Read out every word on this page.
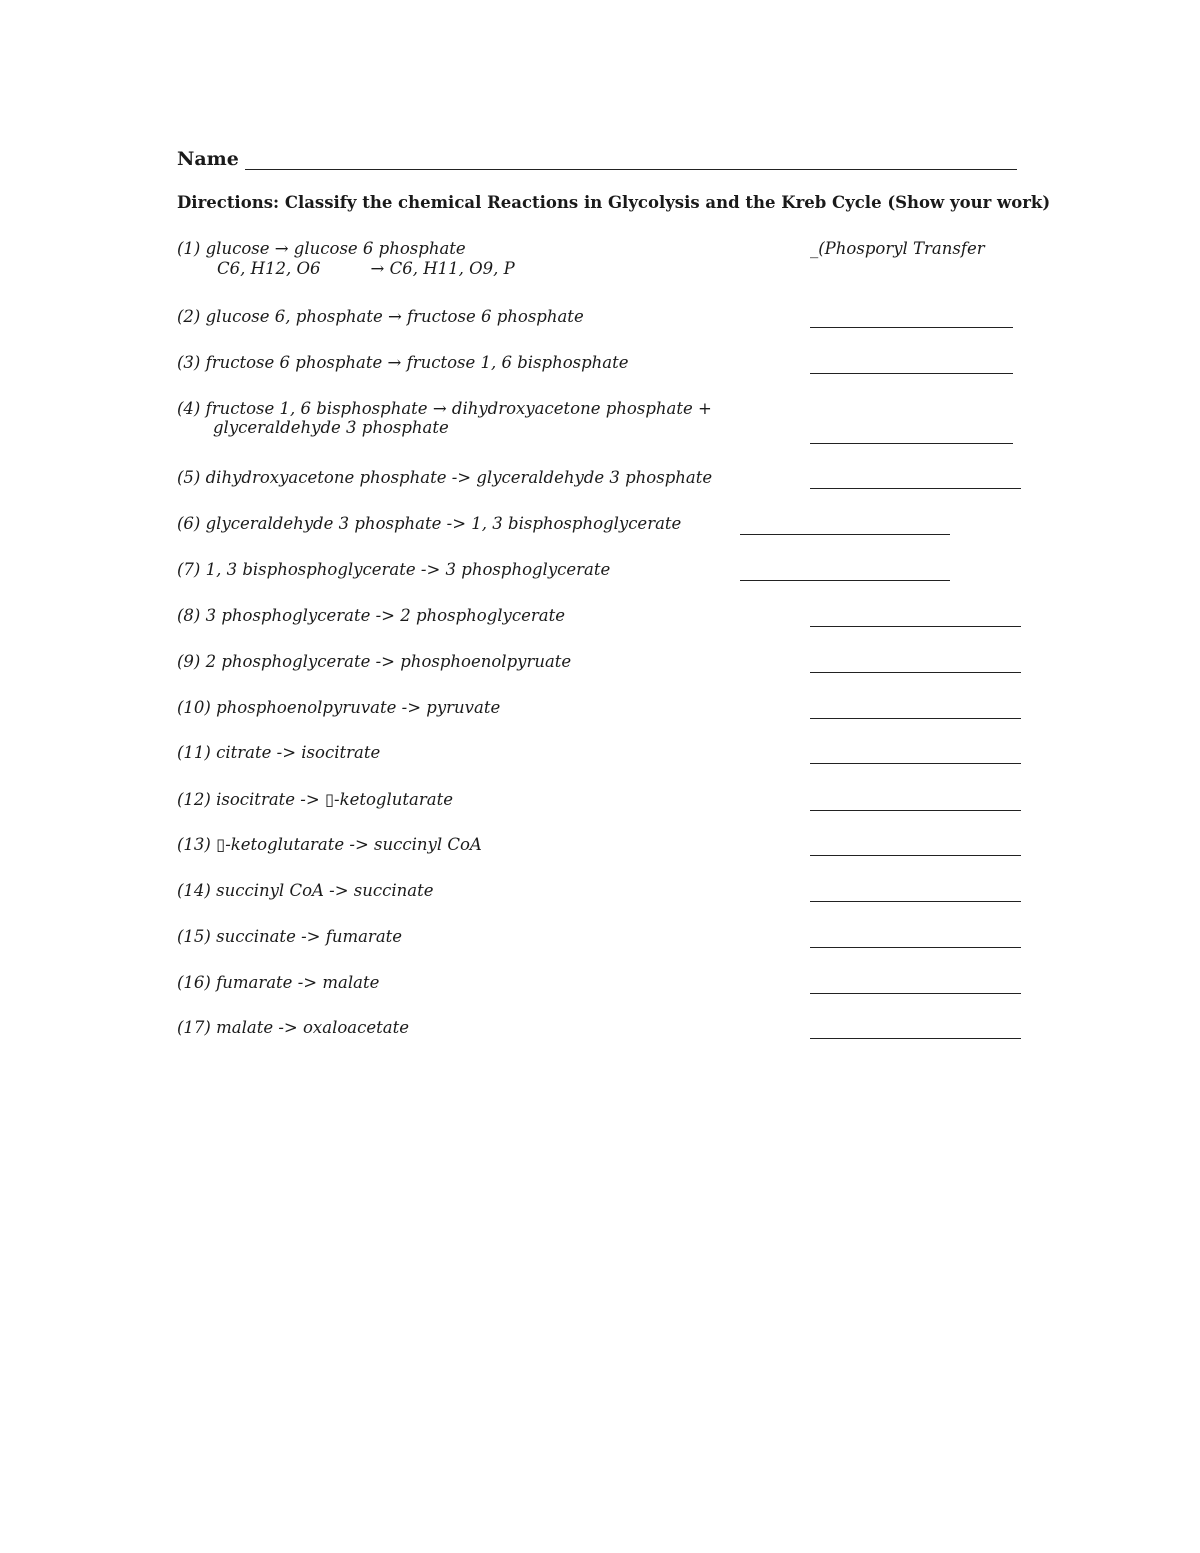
Name
Directions: Classify the chemical Reactions in Glycolysis and the Kreb Cycle (Show your work)
(1) glucose → glucose 6 phosphate
C6, H12, O6	→ C6, H11, O9, P
_(Phosporyl Transfer
(2) glucose 6, phosphate → fructose 6 phosphate
(3) fructose 6 phosphate → fructose 1, 6 bisphosphate
(4) fructose 1, 6 bisphosphate → dihydroxyacetone phosphate +
glyceraldehyde 3 phosphate
(5) dihydroxyacetone phosphate -> glyceraldehyde 3 phosphate
(6) glyceraldehyde 3 phosphate -> 1, 3 bisphosphoglycerate
(7) 1, 3 bisphosphoglycerate -> 3 phosphoglycerate
(8) 3 phosphoglycerate -> 2 phosphoglycerate
(9) 2 phosphoglycerate -> phosphoenolpyruate
(10) phosphoenolpyruvate -> pyruvate
(11) citrate -> isocitrate
(12) isocitrate -> ▯-ketoglutarate
(13) ▯-ketoglutarate -> succinyl CoA
(14) succinyl CoA -> succinate
(15) succinate -> fumarate
(16) fumarate -> malate
(17) malate -> oxaloacetate
